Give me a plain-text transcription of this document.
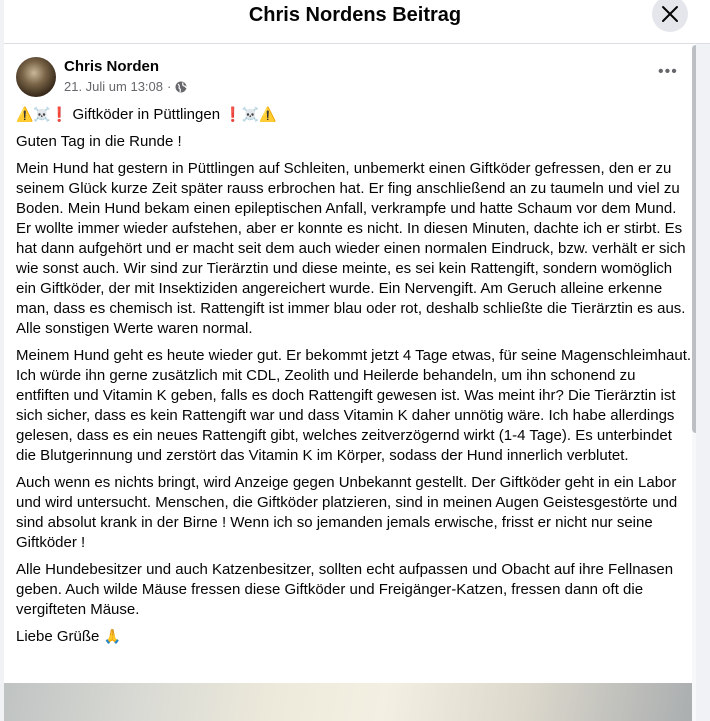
Chris Nordens Beitrag
Chris Norden
21. Juli um 13:08 ·
•••

⚠️☠️❗ Giftköder in Püttlingen ❗☠️⚠️

Guten Tag in die Runde !

Mein Hund hat gestern in Püttlingen auf Schleiten, unbemerkt einen Giftköder gefressen, den er zu seinem Glück kurze Zeit später rauss erbrochen hat. Er fing anschließend an zu taumeln und viel zu Boden. Mein Hund bekam einen epileptischen Anfall, verkrampfe und hatte Schaum vor dem Mund. Er wollte immer wieder aufstehen, aber er konnte es nicht. In diesen Minuten, dachte ich er stirbt. Es hat dann aufgehört und er macht seit dem auch wieder einen normalen Eindruck, bzw. verhält er sich wie sonst auch. Wir sind zur Tierärztin und diese meinte, es sei kein Rattengift, sondern womöglich ein Giftköder, der mit Insektiziden angereichert wurde. Ein Nervengift. Am Geruch alleine erkenne man, dass es chemisch ist. Rattengift ist immer blau oder rot, deshalb schließte die Tierärztin es aus. Alle sonstigen Werte waren normal.

Meinem Hund geht es heute wieder gut. Er bekommt jetzt 4 Tage etwas, für seine Magenschleimhaut. Ich würde ihn gerne zusätzlich mit CDL, Zeolith und Heilerde behandeln, um ihn schonend zu entfiften und Vitamin K geben, falls es doch Rattengift gewesen ist. Was meint ihr? Die Tierärztin ist sich sicher, dass es kein Rattengift war und dass Vitamin K daher unnötig wäre. Ich habe allerdings gelesen, dass es ein neues Rattengift gibt, welches zeitverzögernd wirkt (1-4 Tage). Es unterbindet die Blutgerinnung und zerstört das Vitamin K im Körper, sodass der Hund innerlich verblutet.

Auch wenn es nichts bringt, wird Anzeige gegen Unbekannt gestellt. Der Giftköder geht in ein Labor und wird untersucht. Menschen, die Giftköder platzieren, sind in meinen Augen Geistesgestörte und sind absolut krank in der Birne ! Wenn ich so jemanden jemals erwische, frisst er nicht nur seine Giftköder !

Alle Hundebesitzer und auch Katzenbesitzer, sollten echt aufpassen und Obacht auf ihre Fellnasen geben. Auch wilde Mäuse fressen diese Giftköder und Freigänger-Katzen, fressen dann oft die vergifteten Mäuse.

Liebe Grüße 🙏
